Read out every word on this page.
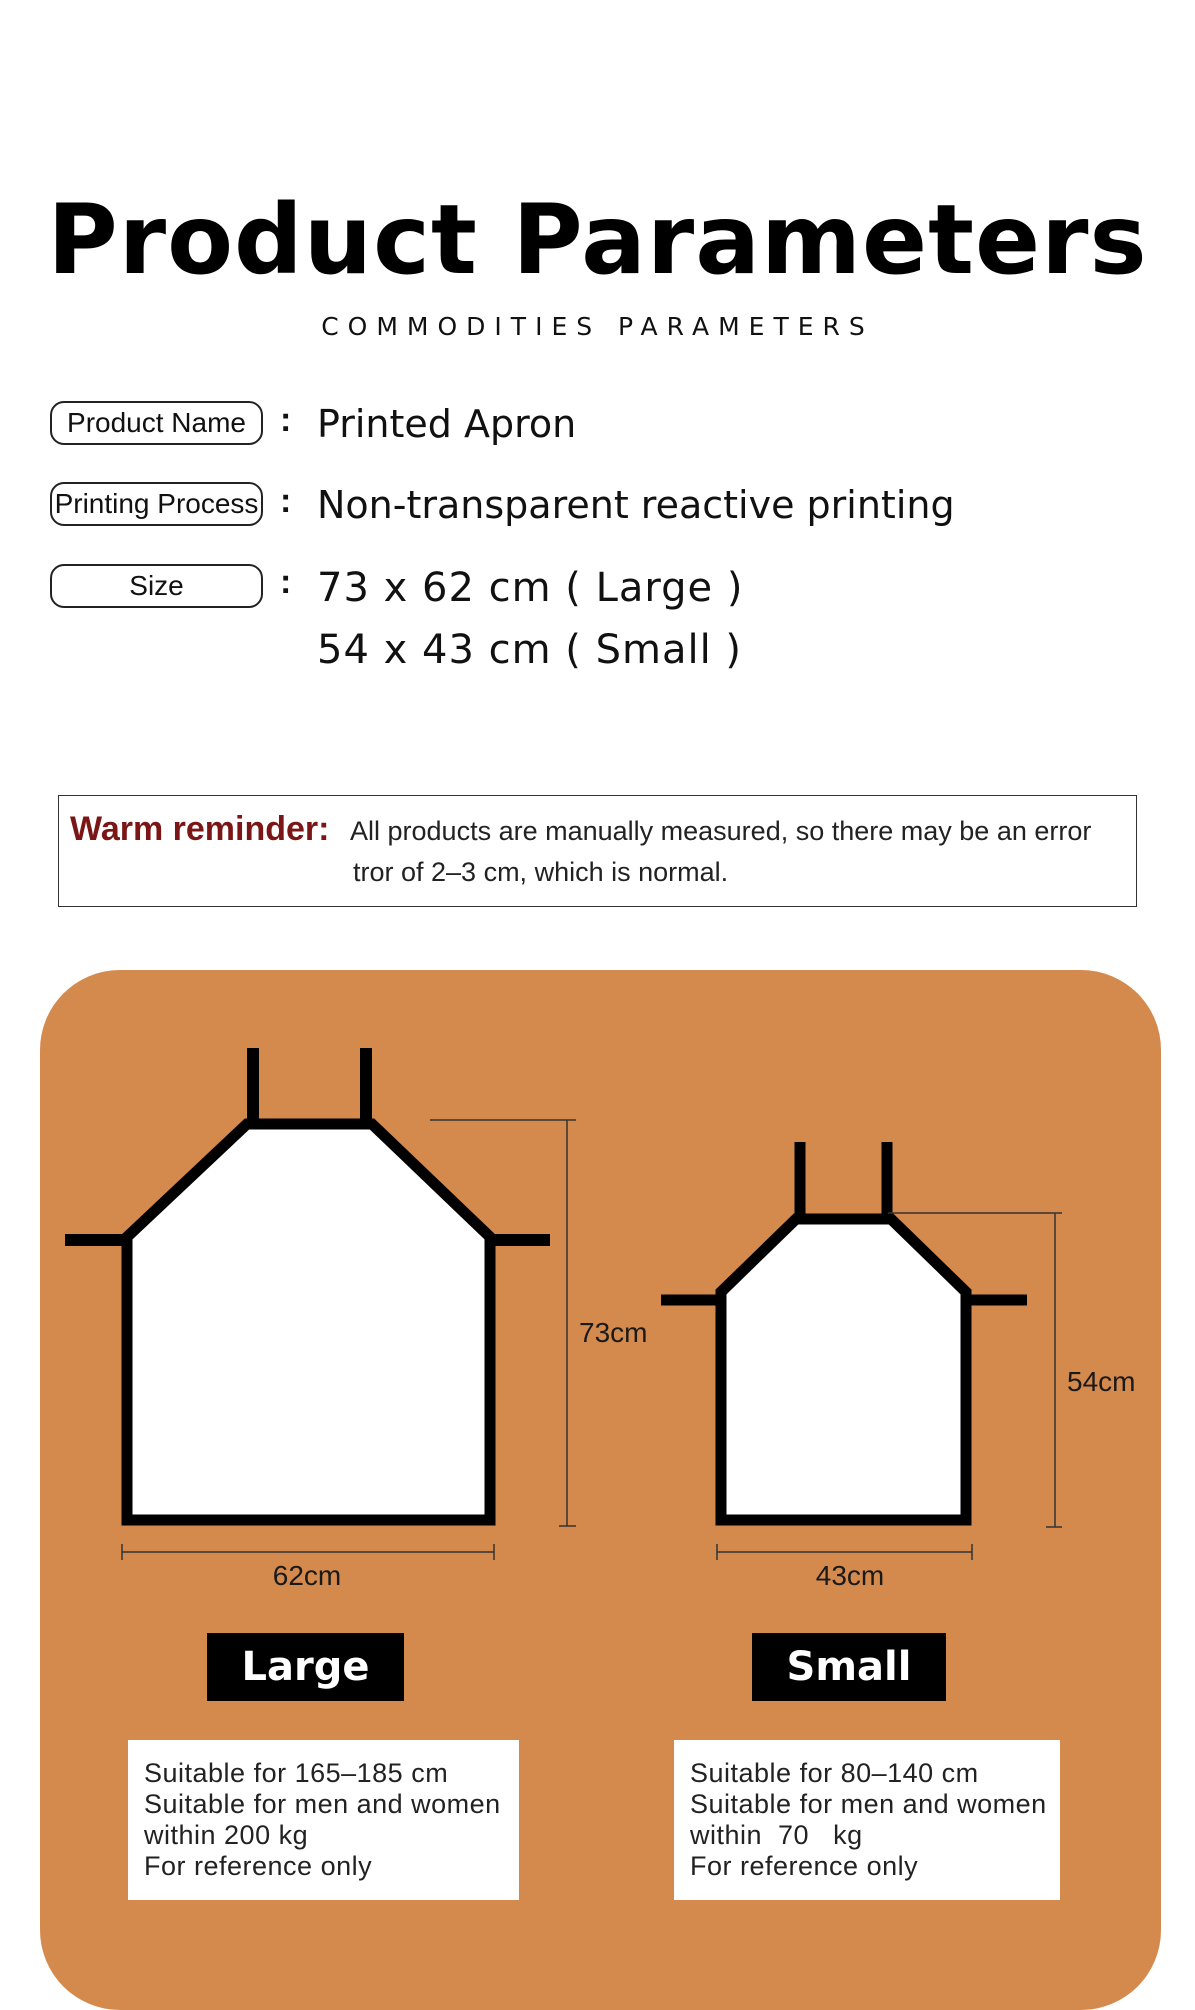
Product Parameters
COMMODITIES PARAMETERS
Product Name	: Printed Apron
Printing Process : Non-transparent reactive printing
Size	: 73 x 62 cm ( Large )
54 x 43 cm ( Small )
Warm reminder: All products are manually measured, so there may be an error
tror of 2–3 cm, which is normal.
73cm
62cm
54cm
43cm
Large	Small
Suitable for 165–185 cm
Suitable for men and women
within 200 kg
For reference only
Suitable for 80–140 cm
Suitable for men and women
within  70   kg
For reference only
